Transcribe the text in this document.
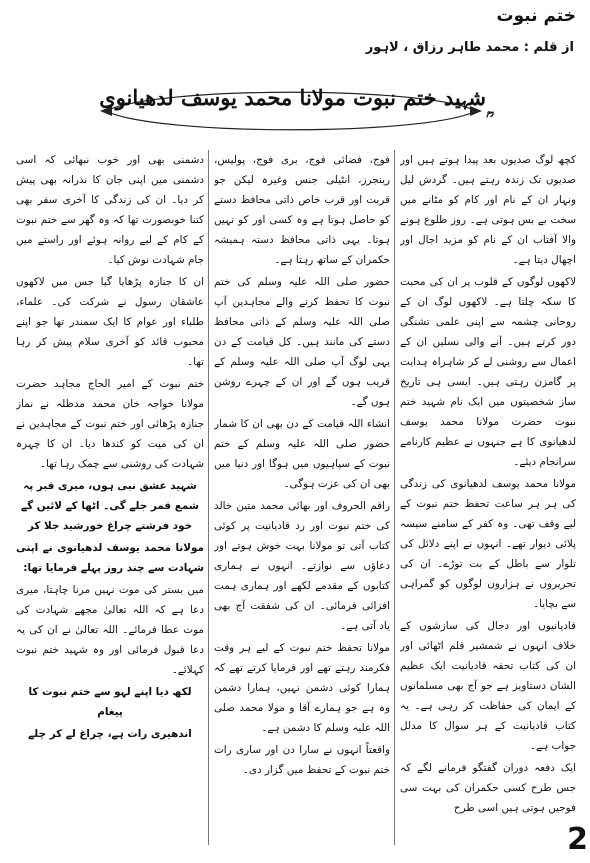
ختم نبوت
از قلم : محمد طاہر رزاق ، لاہور
شہید ختم نبوت مولانا محمد یوسف لدھیانوی

کچھ لوگ صدیوں بعد پیدا ہوتے ہیں اور صدیوں تک زندہ رہتے ہیں۔ گردش لیل ونہار ان کے نام اور کام کو مٹانے میں سخت بے بس ہوتی ہے۔ روز طلوع ہونے والا آفتاب ان کے نام کو مزید اجال اور اچھال دیتا ہے۔

لاکھوں لوگوں کے قلوب پر ان کی محبت کا سکہ چلتا ہے۔ لاکھوں لوگ ان کے روحانی چشمہ سے اپنی علمی تشنگی دور کرتے ہیں۔ آنے والی نسلیں ان کے اعمال سے روشنی لے کر شاہراہ ہدایت پر گامزن رہتی ہیں۔ ایسی ہی تاریخ ساز شخصیتوں میں ایک نام شہید ختم نبوت حضرت مولانا محمد یوسف لدھیانوی کا ہے جنہوں نے عظیم کارنامے سرانجام دیئے۔

مولانا محمد یوسف لدھیانوی کی زندگی کی ہر ہر ساعت تحفظ ختم نبوت کے لیے وقف تھی۔ وہ کفر کے سامنے سیسہ پلائی دیوار تھے۔ انہوں نے اپنے دلائل کی تلوار سے باطل کے بت توڑے۔ ان کی تحریروں نے ہزاروں لوگوں کو گمراہی سے بچایا۔

قادیانیوں اور دجال کی سازشوں کے خلاف انہوں نے شمشیر قلم اٹھائی اور ان کی کتاب تحفہ قادیانیت ایک عظیم الشان دستاویز ہے جو آج بھی مسلمانوں کے ایمان کی حفاظت کر رہی ہے۔ یہ کتاب قادیانیت کے ہر سوال کا مدلل جواب ہے۔

ایک دفعہ دوران گفتگو فرمانے لگے کہ جس طرح کسی حکمران کی بہت سی فوجیں ہوتی ہیں اسی طرح

فوج، فضائی فوج، بری فوج، پولیس، رینجرز، انٹیلی جنس وغیرہ لیکن جو قربت اور قرب خاص ذاتی محافظ دستے کو حاصل ہوتا ہے وہ کسی اور کو نہیں ہوتا۔ یہی ذاتی محافظ دستہ ہمیشہ حکمران کے ساتھ رہتا ہے۔

حضور صلی اللہ علیہ وسلم کی ختم نبوت کا تحفظ کرنے والے مجاہدین آپ صلی اللہ علیہ وسلم کے ذاتی محافظ دستے کی مانند ہیں۔ کل قیامت کے دن یہی لوگ آپ صلی اللہ علیہ وسلم کے قریب ہوں گے اور ان کے چہرے روشن ہوں گے۔

انشاء اللہ قیامت کے دن بھی ان کا شمار حضور صلی اللہ علیہ وسلم کے ختم نبوت کے سپاہیوں میں ہوگا اور دنیا میں بھی ان کی عزت ہوگی۔

راقم الحروف اور بھائی محمد متین خالد کی ختم نبوت اور رد قادیانیت پر کوئی کتاب آتی تو مولانا بہت خوش ہوتے اور دعاؤں سے نوازتے۔ انہوں نے ہماری کتابوں کے مقدمے لکھے اور ہماری ہمت افزائی فرمائی۔ ان کی شفقت آج بھی یاد آتی ہے۔

مولانا تحفظ ختم نبوت کے لیے ہر وقت فکرمند رہتے تھے اور فرمایا کرتے تھے کہ ہمارا کوئی دشمن نہیں، ہمارا دشمن وہ ہے جو ہمارے آقا و مولا محمد صلی اللہ علیہ وسلم کا دشمن ہے۔

واقعتاً انہوں نے سارا دن اور ساری رات ختم نبوت کے تحفظ میں گزار دی۔

دشمنی بھی اور خوب نبھائی کہ اسی دشمنی میں اپنی جان کا نذرانہ بھی پیش کر دیا۔ ان کی زندگی کا آخری سفر بھی کتنا خوبصورت تھا کہ وہ گھر سے ختم نبوت کے کام کے لیے روانہ ہوئے اور راستے میں جام شہادت نوش کیا۔

ان کا جنازہ پڑھایا گیا جس میں لاکھوں عاشقان رسول نے شرکت کی۔ علماء، طلباء اور عوام کا ایک سمندر تھا جو اپنے محبوب قائد کو آخری سلام پیش کر رہا تھا۔

ختم نبوت کے امیر الحاج مجاہد حضرت مولانا خواجہ خان محمد مدظلہ نے نماز جنازہ پڑھائی اور ختم نبوت کے مجاہدین نے ان کی میت کو کندھا دیا۔ ان کا چہرہ شہادت کی روشنی سے چمک رہا تھا۔

شہید عشق نبی ہوں، میری قبر پہ شمع قمر جلے گی۔ اٹھا کے لائیں گے خود فرشتے چراغ خورشید جلا کر

مولانا محمد یوسف لدھیانوی نے اپنی شہادت سے چند روز پہلے فرمایا تھا:

میں بستر کی موت نہیں مرنا چاہتا، میری دعا ہے کہ اللہ تعالیٰ مجھے شہادت کی موت عطا فرمائے۔ اللہ تعالیٰ نے ان کی یہ دعا قبول فرمائی اور وہ شہید ختم نبوت کہلائے۔

لکھ دیا اپنے لہو سے ختم نبوت کا پیغام

اندھیری رات ہے، چراغ لے کر چلے

2
